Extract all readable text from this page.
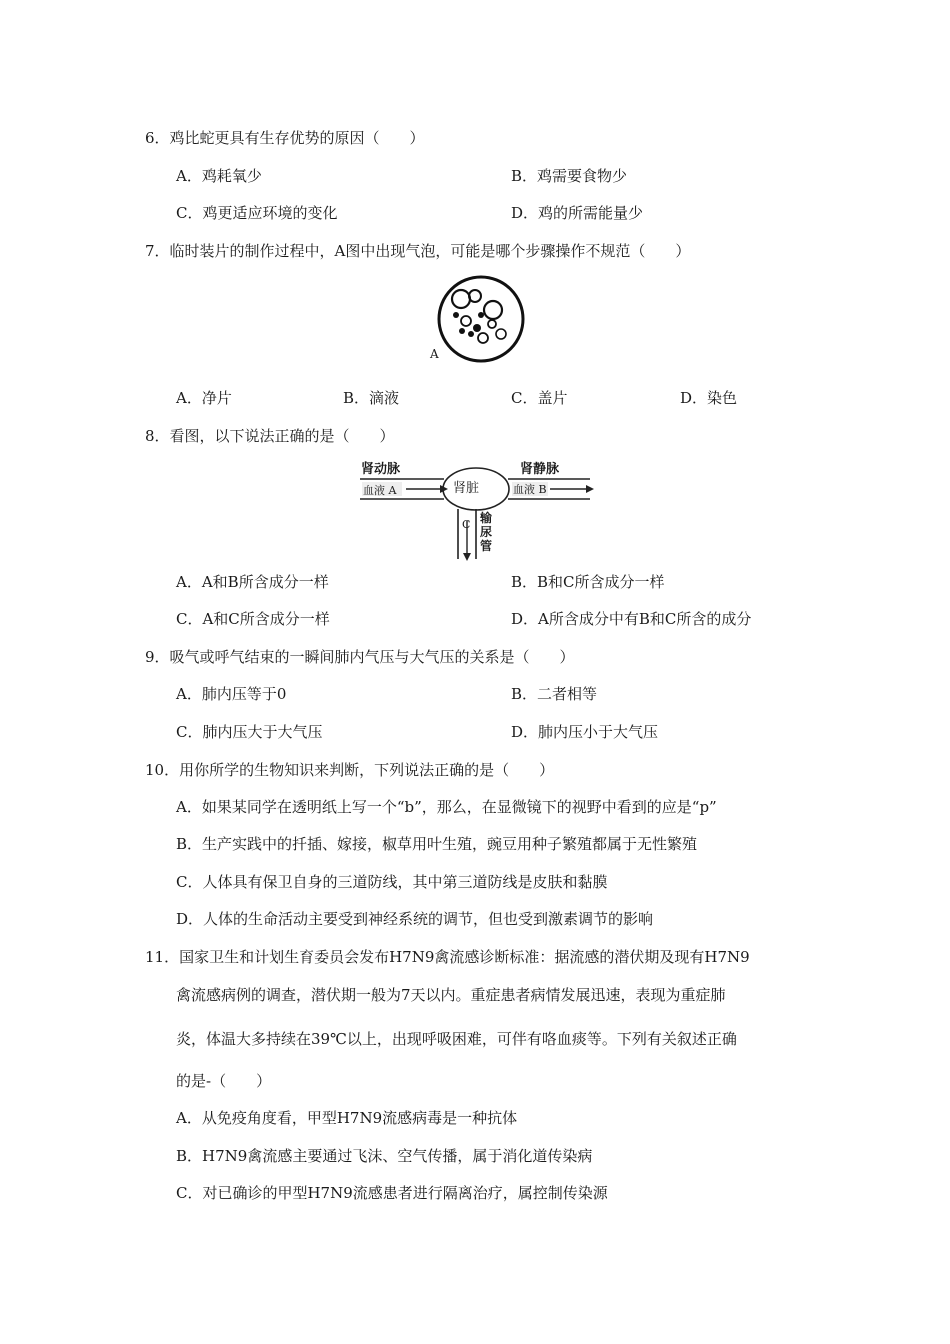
6．鸡比蛇更具有生存优势的原因（　　）
A．鸡耗氧少	B．鸡需要食物少
C．鸡更适应环境的变化	D．鸡的所需能量少
7．临时装片的制作过程中，A图中出现气泡，可能是哪个步骤操作不规范（　　）
A
A．净片	B．滴液	C．盖片	D．染色
8．看图，以下说法正确的是（　　）
肾动脉	肾静脉
血液 A	血液 B
肾脏
C 输
尿
管
A．A和B所含成分一样	B．B和C所含成分一样
C．A和C所含成分一样	D．A所含成分中有B和C所含的成分
9．吸气或呼气结束的一瞬间肺内气压与大气压的关系是（　　）
A．肺内压等于0	B．二者相等
C．肺内压大于大气压	D．肺内压小于大气压
10．用你所学的生物知识来判断，下列说法正确的是（　　）
A．如果某同学在透明纸上写一个“b”，那么，在显微镜下的视野中看到的应是“p”
B．生产实践中的扦插、嫁接，椒草用叶生殖，豌豆用种子繁殖都属于无性繁殖
C．人体具有保卫自身的三道防线，其中第三道防线是皮肤和黏膜
D．人体的生命活动主要受到神经系统的调节，但也受到激素调节的影响
11．国家卫生和计划生育委员会发布H7N9禽流感诊断标准：据流感的潜伏期及现有H7N9
禽流感病例的调查，潜伏期一般为7天以内。重症患者病情发展迅速，表现为重症肺
炎，体温大多持续在39℃以上，出现呼吸困难，可伴有咯血痰等。下列有关叙述正确
的是-（　　）
A．从免疫角度看，甲型H7N9流感病毒是一种抗体
B．H7N9禽流感主要通过飞沫、空气传播，属于消化道传染病
C．对已确诊的甲型H7N9流感患者进行隔离治疗，属控制传染源
